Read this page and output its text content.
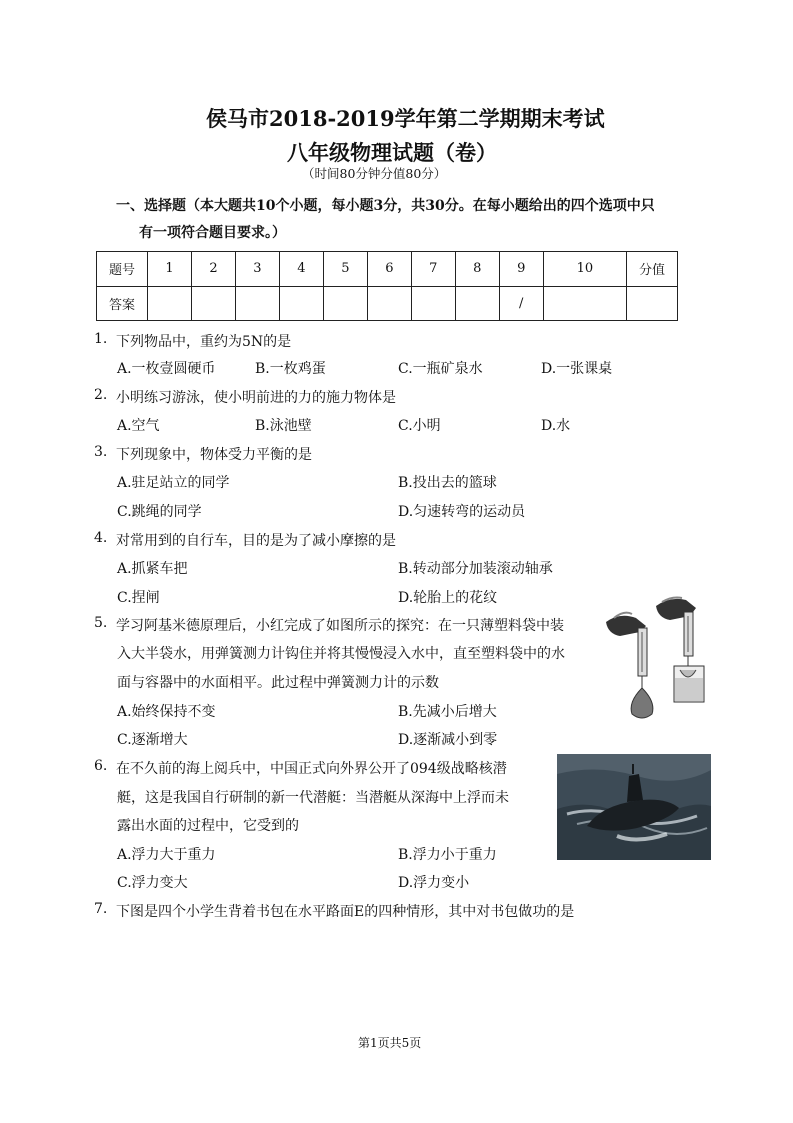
侯马市2018-2019学年第二学期期末考试
八年级物理试题（卷）
（时间80分钟分值80分）
一、选择题（本大题共10个小题，每小题3分，共30分。在每小题给出的四个选项中只
有一项符合题目要求。）
题号	1	2	3	4	5	6	7	8	9	10	分值
答案									/		
1. 下列物品中，重约为5N的是
A.一枚壹圆硬币	B.一枚鸡蛋	C.一瓶矿泉水	D.一张课桌
2. 小明练习游泳，使小明前进的力的施力物体是
A.空气	B.泳池壁	C.小明	D.水
3. 下列现象中，物体受力平衡的是
A.驻足站立的同学	B.投出去的篮球
C.跳绳的同学	D.匀速转弯的运动员
4. 对常用到的自行车，目的是为了减小摩擦的是
A.抓紧车把	B.转动部分加装滚动轴承
C.捏闸	D.轮胎上的花纹
5. 学习阿基米德原理后，小红完成了如图所示的探究：在一只薄塑料袋中装
入大半袋水，用弹簧测力计钩住并将其慢慢浸入水中，直至塑料袋中的水
面与容器中的水面相平。此过程中弹簧测力计的示数
A.始终保持不变	B.先减小后增大
C.逐渐增大	D.逐渐减小到零
6. 在不久前的海上阅兵中，中国正式向外界公开了094级战略核潜
艇，这是我国自行研制的新一代潜艇：当潜艇从深海中上浮而未
露出水面的过程中，它受到的
A.浮力大于重力	B.浮力小于重力
C.浮力变大	D.浮力变小
7. 下图是四个小学生背着书包在水平路面E的四种情形，其中对书包做功的是
第1页共5页
